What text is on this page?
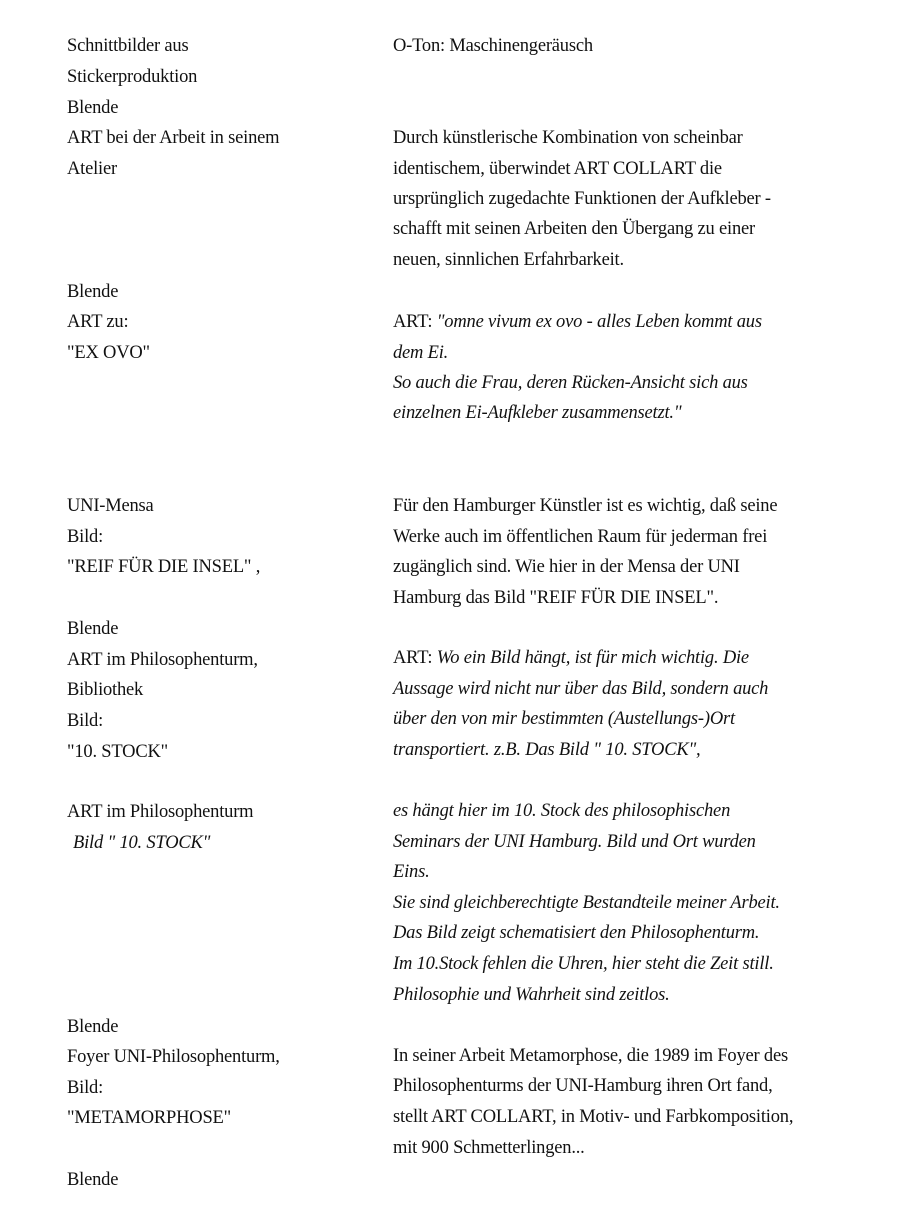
Schnittbilder aus
Stickerproduktion
Blende
O-Ton: Maschinengeräusch
ART bei der Arbeit in seinem
Atelier
Durch künstlerische Kombination von scheinbar
identischem, überwindet ART COLLART die
ursprünglich zugedachte Funktionen der Aufkleber -
schafft mit seinen Arbeiten den Übergang zu einer
neuen, sinnlichen Erfahrbarkeit.
Blende
ART zu:
"EX OVO"
ART: "omne vivum ex ovo - alles Leben kommt aus
dem Ei.
So auch die Frau, deren Rücken-Ansicht sich aus
einzelnen Ei-Aufkleber zusammensetzt."
UNI-Mensa
Bild:
"REIF FÜR DIE INSEL" ,
Für den Hamburger Künstler ist es wichtig, daß seine
Werke auch im öffentlichen Raum für jederman frei
zugänglich sind. Wie hier in der Mensa der UNI
Hamburg das Bild "REIF FÜR DIE INSEL".
Blende
ART im Philosophenturm,
Bibliothek
Bild:
"10. STOCK"
ART: Wo ein Bild hängt, ist für mich wichtig. Die
Aussage wird nicht nur über das Bild, sondern auch
über den von mir bestimmten (Austellungs-)Ort
transportiert. z.B. Das Bild " 10. STOCK",
ART im Philosophenturm
Bild " 10. STOCK"
es hängt hier im 10. Stock des philosophischen
Seminars der UNI Hamburg. Bild und Ort wurden
Eins.
Sie sind gleichberechtigte Bestandteile meiner Arbeit.
Das Bild zeigt schematisiert den Philosophenturm.
Im 10.Stock fehlen die Uhren, hier steht die Zeit still.
Philosophie und Wahrheit sind zeitlos.
Blende
Foyer UNI-Philosophenturm,
Bild:
"METAMORPHOSE"
Blende
In seiner Arbeit Metamorphose, die 1989 im Foyer des
Philosophenturms der UNI-Hamburg ihren Ort fand,
stellt ART COLLART, in Motiv- und Farbkomposition,
mit 900 Schmetterlingen...
